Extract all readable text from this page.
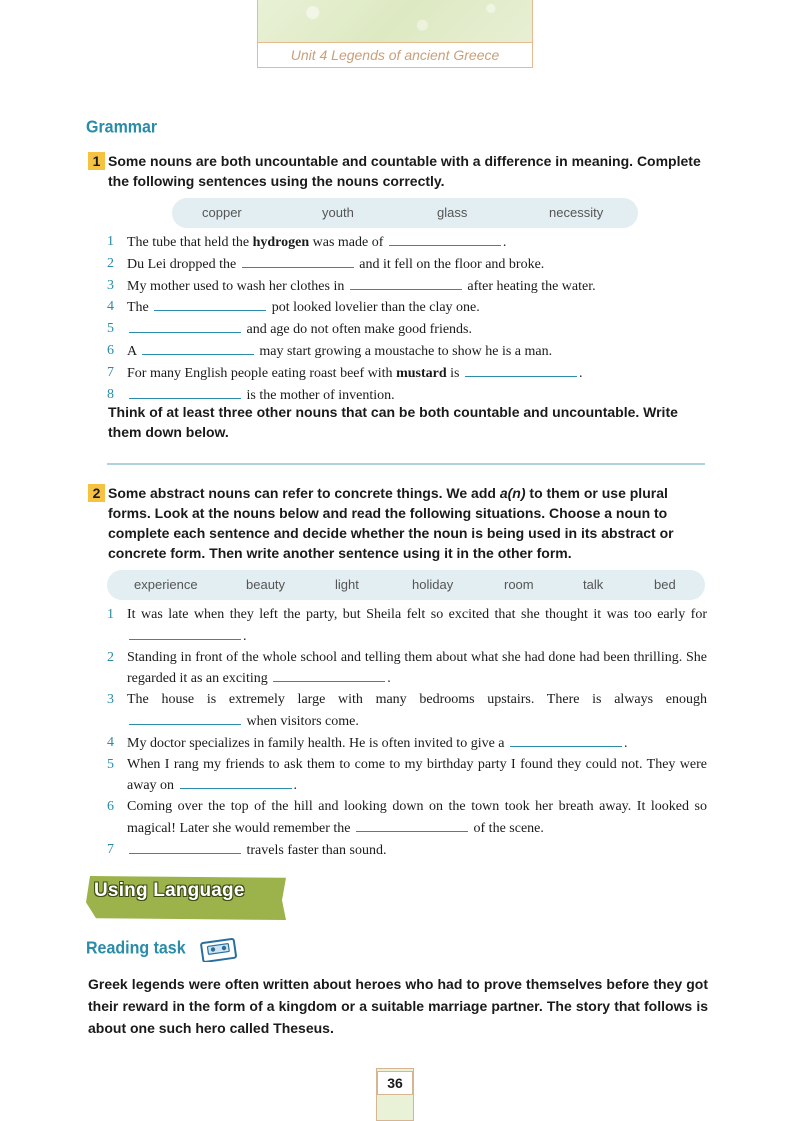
Unit 4 Legends of ancient Greece
Grammar
1 Some nouns are both uncountable and countable with a difference in meaning. Complete the following sentences using the nouns correctly.
copper	youth	glass	necessity
1 The tube that held the hydrogen was made of	.
2 Du Lei dropped the	and it fell on the floor and broke.
3 My mother used to wash her clothes in	after heating the water.
4 The	pot looked lovelier than the clay one.
5	and age do not often make good friends.
6 A	may start growing a moustache to show he is a man.
7 For many English people eating roast beef with mustard is	.
8	is the mother of invention.
Think of at least three other nouns that can be both countable and uncountable. Write them down below.
2 Some abstract nouns can refer to concrete things. We add a(n) to them or use plural forms. Look at the nouns below and read the following situations. Choose a noun to complete each sentence and decide whether the noun is being used in its abstract or concrete form. Then write another sentence using it in the other form.
experience	beauty	light	holiday	room	talk	bed
1 It was late when they left the party, but Sheila felt so excited that she thought it was too early for .
2 Standing in front of the whole school and telling them about what she had done had been thrilling. She regarded it as an exciting	.
3 The house is extremely large with many bedrooms upstairs. There is always enough  when visitors come.
4 My doctor specializes in family health. He is often invited to give a	.
5 When I rang my friends to ask them to come to my birthday party I found they could not. They were away on	.
6 Coming over the top of the hill and looking down on the town took her breath away. It looked so magical! Later she would remember the	of the scene.
7	travels faster than sound.
Using Language
Reading task
Greek legends were often written about heroes who had to prove themselves before they got their reward in the form of a kingdom or a suitable marriage partner. The story that follows is about one such hero called Theseus.
36
